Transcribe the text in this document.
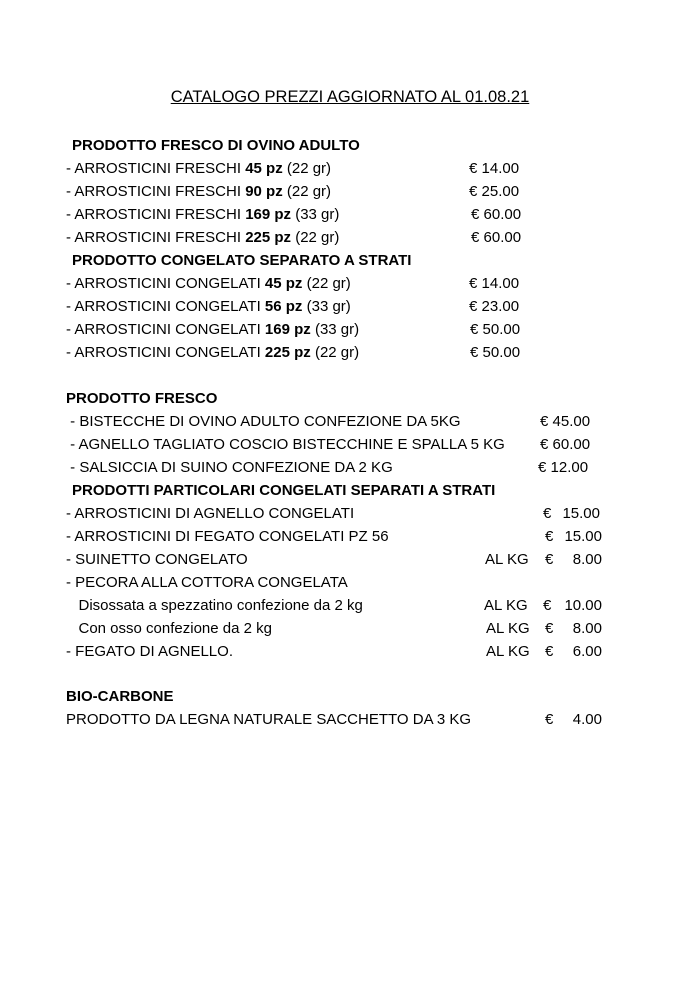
CATALOGO PREZZI AGGIORNATO AL 01.08.21
PRODOTTO FRESCO DI OVINO ADULTO
- ARROSTICINI FRESCHI 45 pz (22 gr)	€ 14.00
- ARROSTICINI FRESCHI 90 pz (22 gr)	€ 25.00
- ARROSTICINI FRESCHI 169 pz (33 gr)	€ 60.00
- ARROSTICINI FRESCHI 225 pz (22 gr)	€ 60.00
PRODOTTO CONGELATO SEPARATO A STRATI
- ARROSTICINI CONGELATI 45 pz (22 gr)	€ 14.00
- ARROSTICINI CONGELATI 56 pz (33 gr)	€ 23.00
- ARROSTICINI CONGELATI 169 pz (33 gr)	€ 50.00
- ARROSTICINI CONGELATI 225 pz (22 gr)	€ 50.00
PRODOTTO FRESCO
- BISTECCHE DI OVINO ADULTO CONFEZIONE DA 5KG	€ 45.00
- AGNELLO TAGLIATO COSCIO BISTECCHINE E SPALLA 5 KG € 60.00
- SALSICCIA DI SUINO CONFEZIONE DA 2 KG	€ 12.00
PRODOTTI PARTICOLARI CONGELATI SEPARATI A STRATI
- ARROSTICINI DI AGNELLO CONGELATI	€ 15.00
- ARROSTICINI DI FEGATO CONGELATI PZ 56	€ 15.00
- SUINETTO CONGELATO	AL KG €	8.00
- PECORA ALLA COTTORA CONGELATA
Disossata a spezzatino confezione da 2 kg	AL KG € 10.00
Con osso confezione da 2 kg	AL KG €	8.00
- FEGATO DI AGNELLO.	AL KG €	6.00
BIO-CARBONE
PRODOTTO DA LEGNA NATURALE SACCHETTO DA 3 KG	€	4.00
